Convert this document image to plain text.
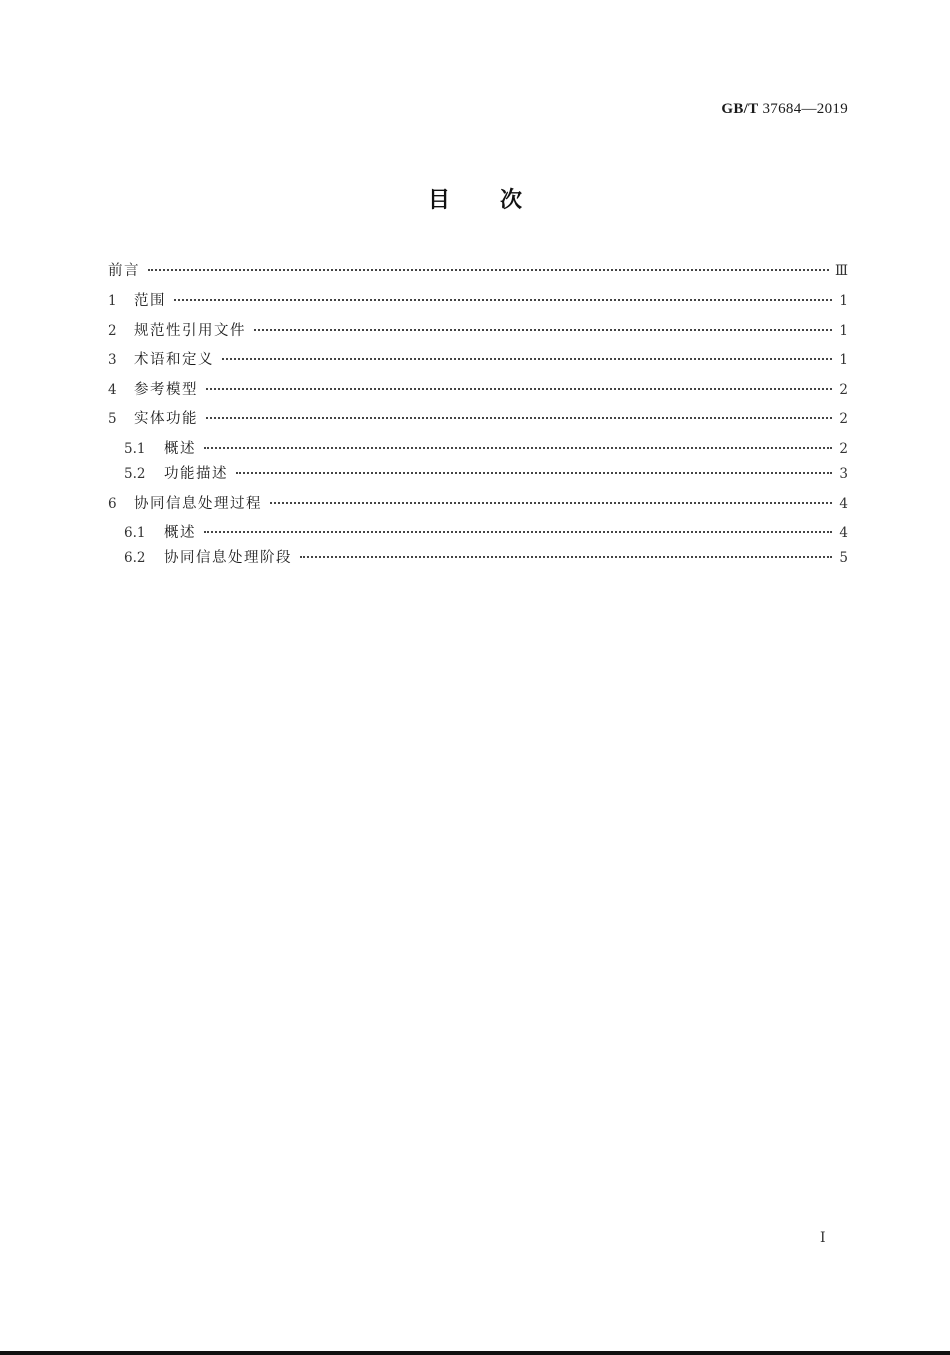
GB/T 37684—2019
目次
前言	Ⅲ
1	范围	1
2	规范性引用文件	1
3	术语和定义	1
4	参考模型	2
5	实体功能	2
5.1	概述	2
5.2	功能描述	3
6	协同信息处理过程	4
6.1	概述	4
6.2	协同信息处理阶段	5
Ⅰ
